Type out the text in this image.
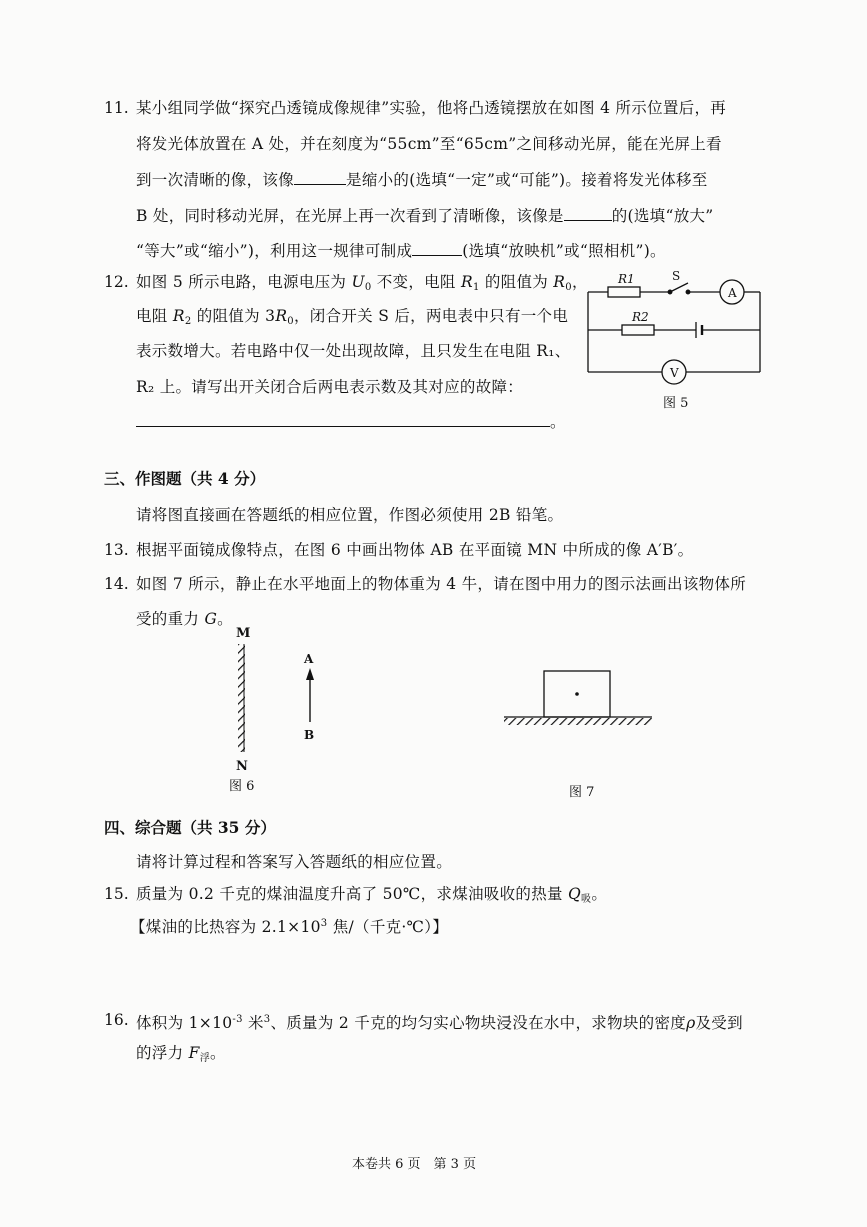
11. 某小组同学做“探究凸透镜成像规律”实验，他将凸透镜摆放在如图 4 所示位置后，再
将发光体放置在 A 处，并在刻度为“55cm”至“65cm”之间移动光屏，能在光屏上看
到一次清晰的像，该像	是缩小的(选填“一定”或“可能”)。接着将发光体移至
B 处，同时移动光屏，在光屏上再一次看到了清晰像，该像是	的(选填“放大”
“等大”或“缩小”)，利用这一规律可制成	(选填“放映机”或“照相机”)。
12. 如图 5 所示电路，电源电压为 $U_0$ 不变，电阻 $R_1$ 的阻值为 $R_0$，
电阻 $R_2$ 的阻值为 $3R_0$，闭合开关 S 后，两电表中只有一个电
表示数增大。若电路中仅一处出现故障，且只发生在电阻 R₁、
R₂ 上。请写出开关闭合后两电表示数及其对应的故障：
。
R1	S
A
R2
V
图 5
三、作图题（共 4 分）
请将图直接画在答题纸的相应位置，作图必须使用 2B 铅笔。
13. 根据平面镜成像特点，在图 6 中画出物体 AB 在平面镜 MN 中所成的像 A′B′。
14. 如图 7 所示，静止在水平地面上的物体重为 4 牛，请在图中用力的图示法画出该物体所
受的重力 G。
M
N
A
B
图 6	图 7
四、综合题（共 35 分）
请将计算过程和答案写入答题纸的相应位置。
15. 质量为 0.2 千克的煤油温度升高了 50℃，求煤油吸收的热量 $Q_吸$。
【煤油的比热容为 $2.1\times 10^3$ 焦/（千克·℃）】
16. 体积为 $1\times 10^{-3}$ 米$^3$、质量为 2 千克的均匀实心物块浸没在水中，求物块的密度ρ及受到
的浮力 $F_浮$。
本卷共 6 页　第 3 页
